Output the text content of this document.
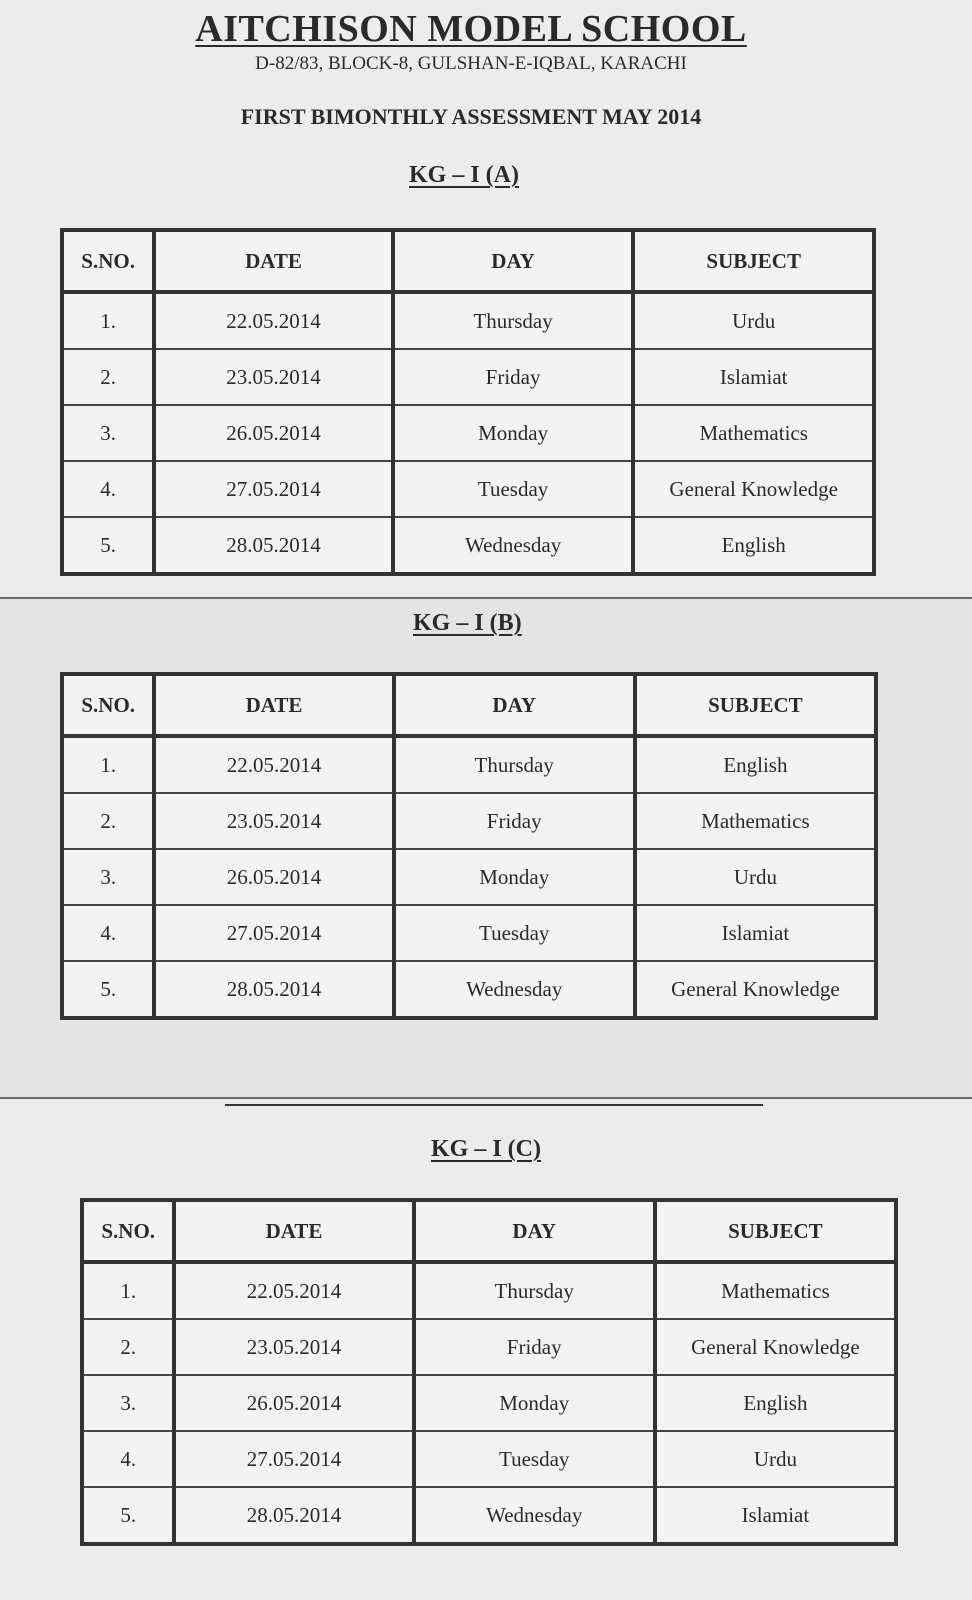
AITCHISON MODEL SCHOOL
D-82/83, BLOCK-8, GULSHAN-E-IQBAL, KARACHI
FIRST BIMONTHLY ASSESSMENT MAY 2014
KG – I (A)
S.NO.	DATE	DAY	SUBJECT
1.	22.05.2014	Thursday	Urdu
2.	23.05.2014	Friday	Islamiat
3.	26.05.2014	Monday	Mathematics
4.	27.05.2014	Tuesday	General Knowledge
5.	28.05.2014	Wednesday	English
KG – I (B)
S.NO.	DATE	DAY	SUBJECT
1.	22.05.2014	Thursday	English
2.	23.05.2014	Friday	Mathematics
3.	26.05.2014	Monday	Urdu
4.	27.05.2014	Tuesday	Islamiat
5.	28.05.2014	Wednesday	General Knowledge
KG – I (C)
S.NO.	DATE	DAY	SUBJECT
1.	22.05.2014	Thursday	Mathematics
2.	23.05.2014	Friday	General Knowledge
3.	26.05.2014	Monday	English
4.	27.05.2014	Tuesday	Urdu
5.	28.05.2014	Wednesday	Islamiat
